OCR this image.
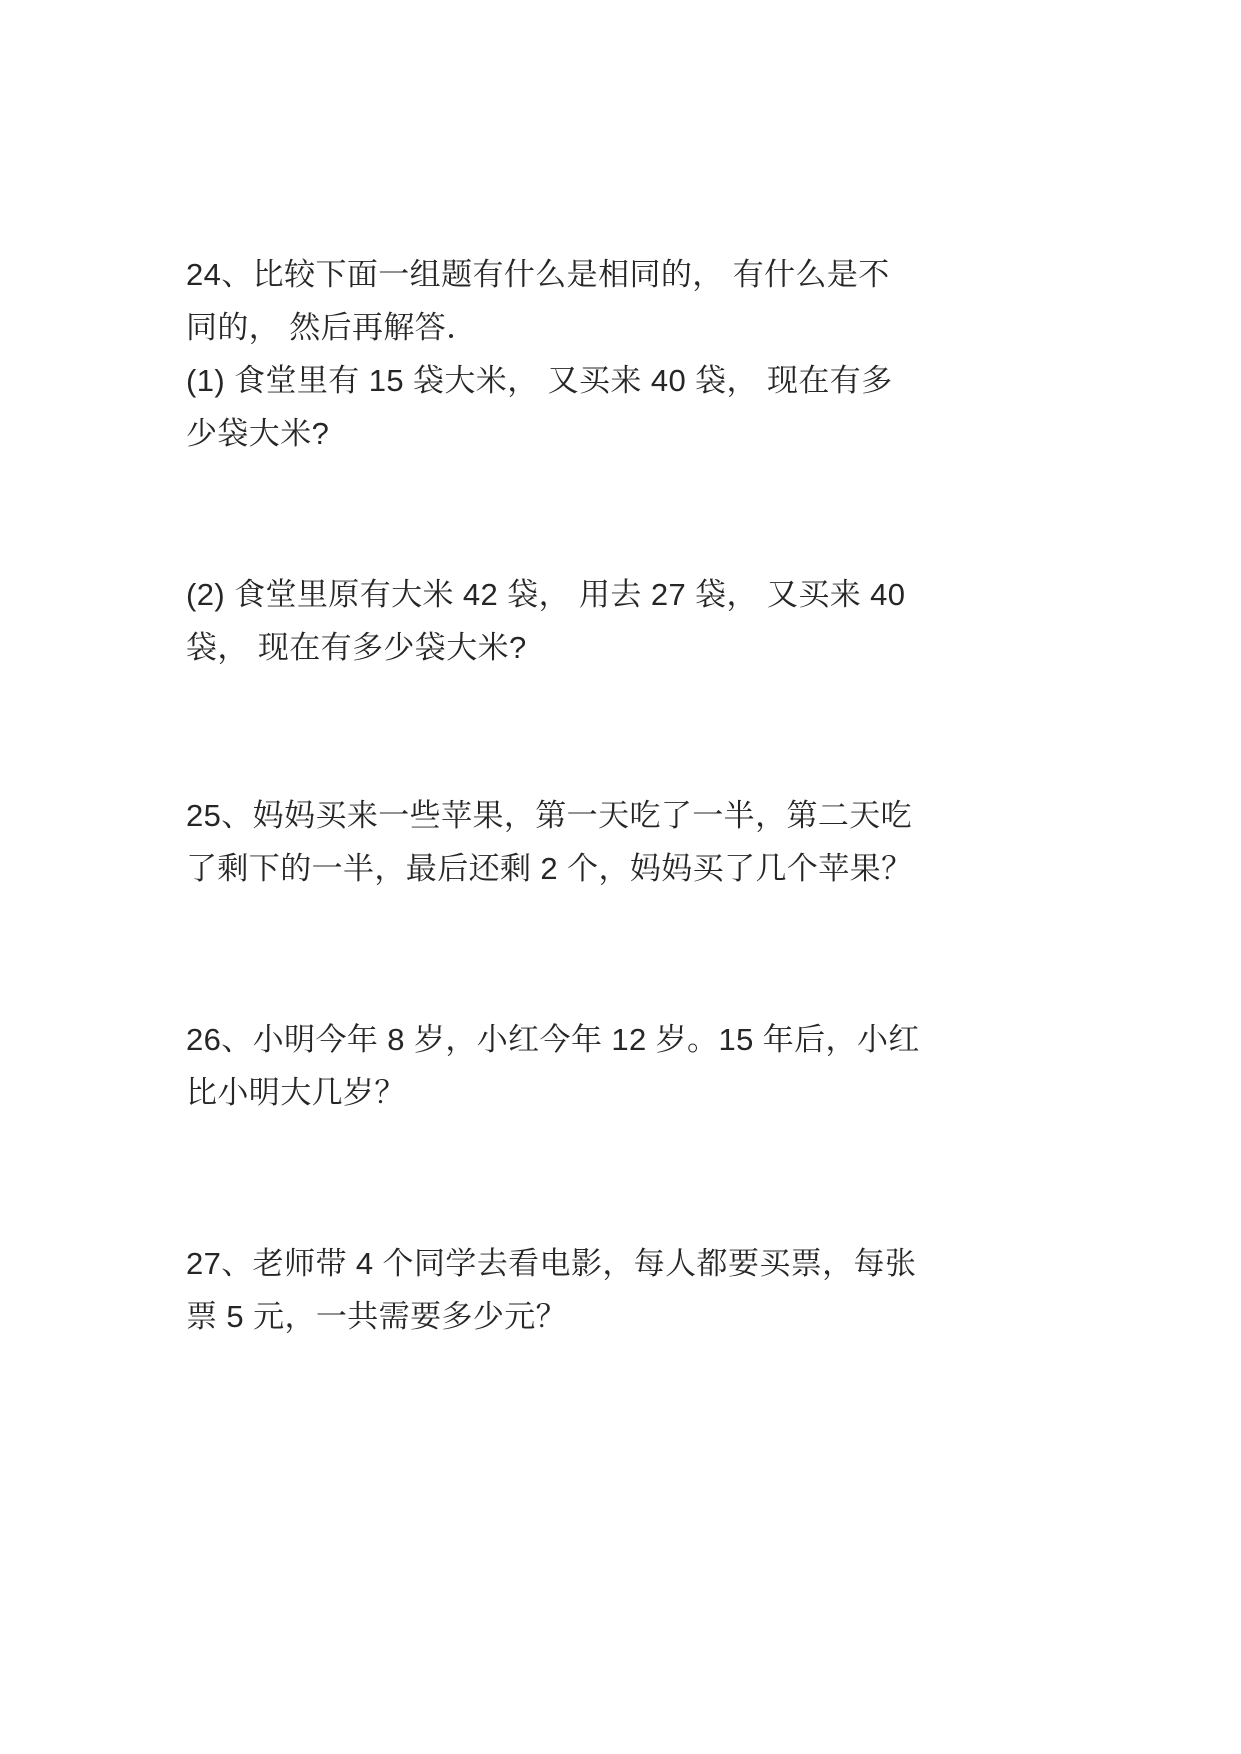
24、比较下面一组题有什么是相同的， 有什么是不

同的， 然后再解答．

(1) 食堂里有 15 袋大米， 又买来 40 袋， 现在有多

少袋大米?

(2) 食堂里原有大米 42 袋， 用去 27 袋， 又买来 40

袋， 现在有多少袋大米?

25、妈妈买来一些苹果，第一天吃了一半，第二天吃

了剩下的一半，最后还剩 2 个，妈妈买了几个苹果？

26、小明今年 8 岁，小红今年 12 岁。15 年后，小红

比小明大几岁？

27、老师带 4 个同学去看电影，每人都要买票，每张

票 5 元，一共需要多少元？
